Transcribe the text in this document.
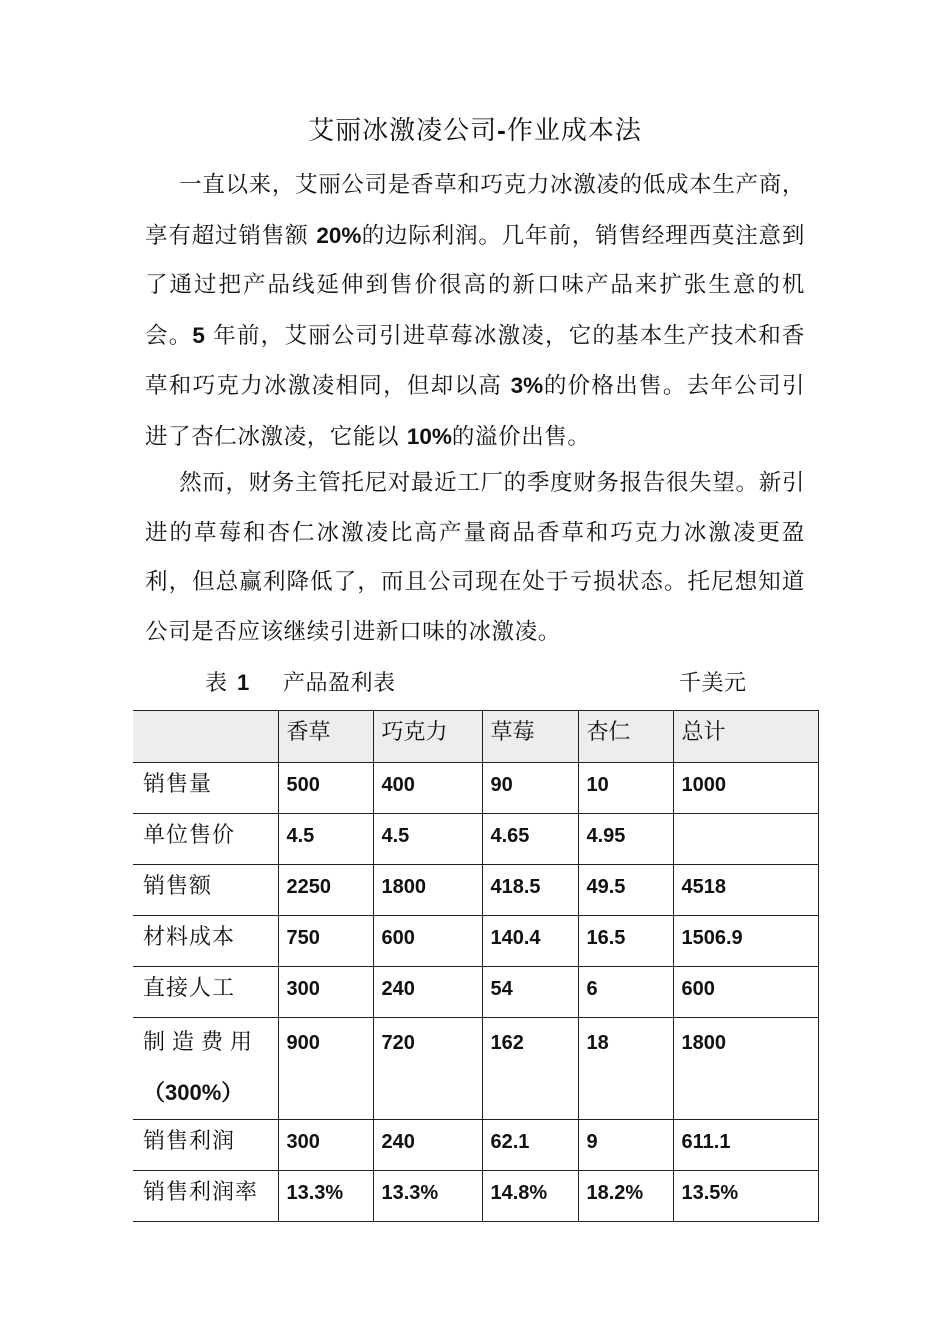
艾丽冰激凌公司-作业成本法
一直以来，艾丽公司是香草和巧克力冰激凌的低成本生产商，享有超过销售额 20%的边际利润。几年前，销售经理西莫注意到了通过把产品线延伸到售价很高的新口味产品来扩张生意的机会。5 年前，艾丽公司引进草莓冰激凌，它的基本生产技术和香草和巧克力冰激凌相同，但却以高 3%的价格出售。去年公司引进了杏仁冰激凌，它能以 10%的溢价出售。
然而，财务主管托尼对最近工厂的季度财务报告很失望。新引进的草莓和杏仁冰激凌比高产量商品香草和巧克力冰激凌更盈利，但总赢利降低了，而且公司现在处于亏损状态。托尼想知道公司是否应该继续引进新口味的冰激凌。
表 1 产品盈利表	千美元
	香草	巧克力	草莓	杏仁	总计
销售量	500	400	90	10	1000
单位售价	4.5	4.5	4.65	4.95	
销售额	2250	1800	418.5	49.5	4518
材料成本	750	600	140.4	16.5	1506.9
直接人工	300	240	54	6	600
制造费用
（300%）	900	720	162	18	1800
销售利润	300	240	62.1	9	611.1
销售利润率	13.3%	13.3%	14.8%	18.2%	13.5%
